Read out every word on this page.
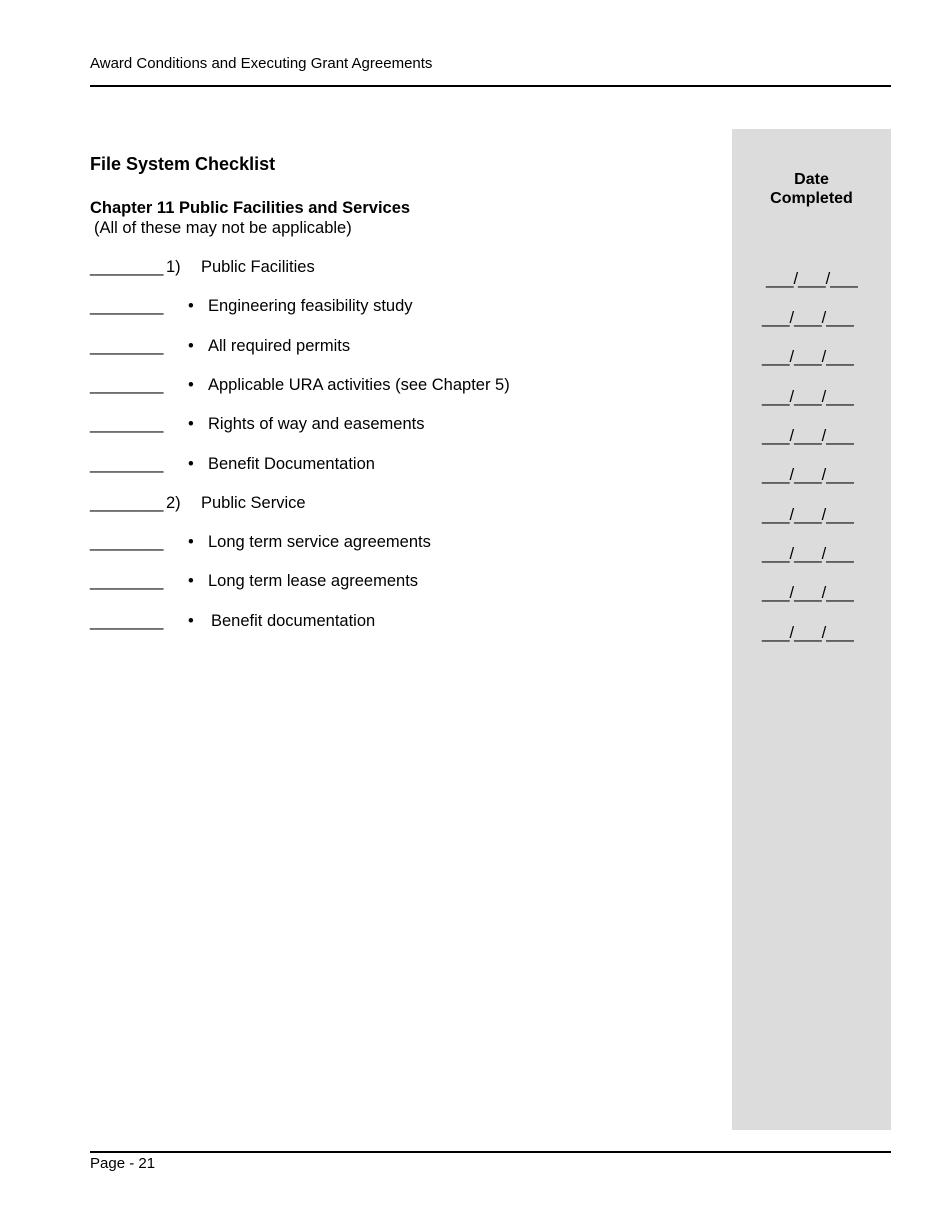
Award Conditions and Executing Grant Agreements
Date
Completed
File System Checklist
Chapter 11 Public Facilities and Services
(All of these may not be applicable)
________ 1) Public Facilities
________ • Engineering feasibility study
________ • All required permits
________ • Applicable URA activities (see Chapter 5)
________ • Rights of way and easements
________ • Benefit Documentation
________ 2) Public Service
________ • Long term service agreements
________ • Long term lease agreements
________ • Benefit documentation
Page - 21
___/___/___
___/___/___
___/___/___
___/___/___
___/___/___
___/___/___
___/___/___
___/___/___
___/___/___
___/___/___
